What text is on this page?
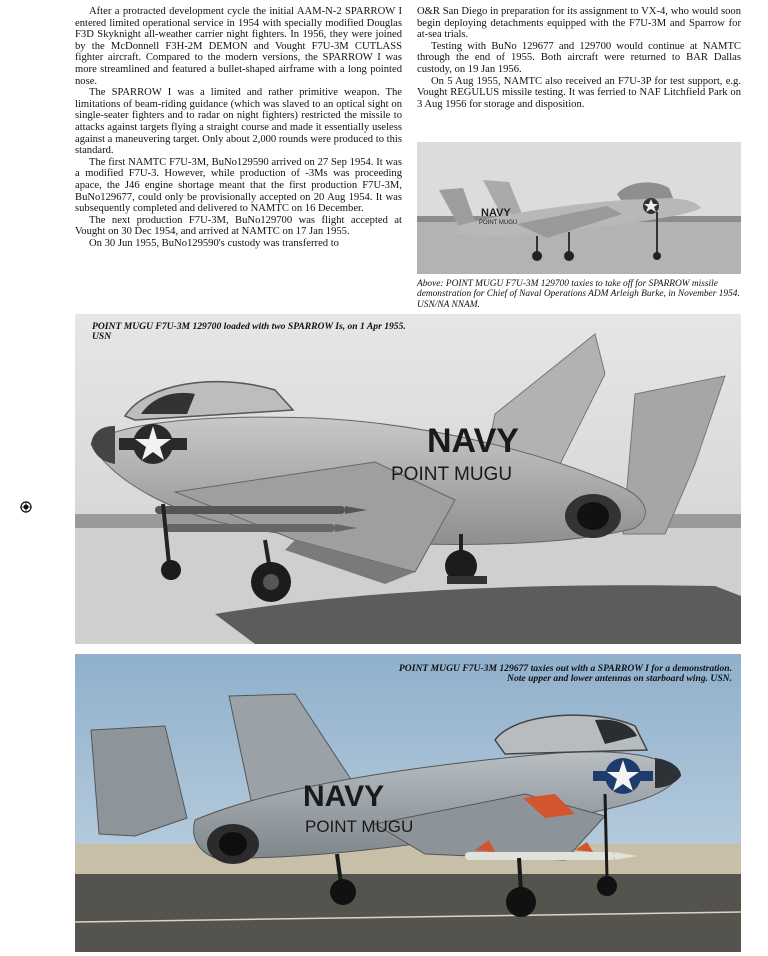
After a protracted development cycle the initial AAM-N-2 SPARROW I entered limited operational service in 1954 with specially modified Douglas F3D Skyknight all-weather carrier night fighters. In 1956, they were joined by the McDonnell F3H-2M DEMON and Vought F7U-3M CUTLASS fighter aircraft. Compared to the modern versions, the SPARROW I was more streamlined and featured a bullet-shaped airframe with a long pointed nose.

The SPARROW I was a limited and rather primitive weapon. The limitations of beam-riding guidance (which was slaved to an optical sight on single-seater fighters and to radar on night fighters) restricted the missile to attacks against targets flying a straight course and made it essentially useless against a maneuvering target. Only about 2,000 rounds were produced to this standard.

The first NAMTC F7U-3M, BuNo129590 arrived on 27 Sep 1954. It was a modified F7U-3. However, while production of -3Ms was proceeding apace, the J46 engine shortage meant that the first production F7U-3M, BuNo129677, could only be provisionally accepted on 20 Aug 1954. It was subsequently completed and delivered to NAMTC on 16 December.

The next production F7U-3M, BuNo129700 was flight accepted at Vought on 30 Dec 1954, and arrived at NAMTC on 17 Jan 1955.

On 30 Jun 1955, BuNo129590's custody was transferred to

O&R San Diego in preparation for its assignment to VX-4, who would soon begin deploying detachments equipped with the F7U-3M and Sparrow for at-sea trials.

Testing with BuNo 129677 and 129700 would continue at NAMTC through the end of 1955. Both aircraft were returned to BAR Dallas custody, on 19 Jan 1956.

On 5 Aug 1955, NAMTC also received an F7U-3P for test support, e.g. Vought REGULUS missile testing. It was ferried to NAF Litchfield Park on 3 Aug 1956 for storage and disposition.

NAVY
POINT MUGU
Above: POINT MUGU F7U-3M 129700 taxies to take off for SPARROW missile demonstration for Chief of Naval Operations ADM Arleigh Burke, in November 1954. USN/NA NNAM.
NAVY
POINT MUGU
POINT MUGU F7U-3M 129700 loaded with two SPARROW Is, on 1 Apr 1955. USN
NAVY
POINT MUGU
POINT MUGU F7U-3M 129677 taxies out with a SPARROW I for a demonstration. Note upper and lower antennas on starboard wing. USN.
